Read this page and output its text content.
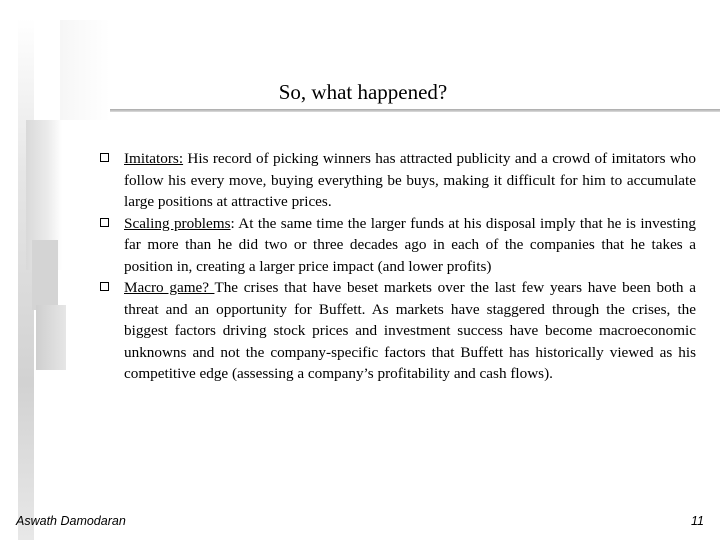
So, what happened?

Imitators: His record of picking winners has attracted publicity and a crowd of imitators who follow his every move, buying everything be buys, making it difficult for him to accumulate large positions at attractive prices.

Scaling problems: At the same time the larger funds at his disposal imply that he is investing far more than he did two or three decades ago in each of the companies that he takes a position in, creating a larger price impact (and lower profits)

Macro game? The crises that have beset markets over the last few years have been both a threat and an opportunity for Buffett. As markets have staggered through the crises, the biggest factors driving stock prices and investment success have become macroeconomic unknowns and not the company-specific factors that Buffett has historically viewed as his competitive edge (assessing a company’s profitability and cash flows).

Aswath Damodaran	11
